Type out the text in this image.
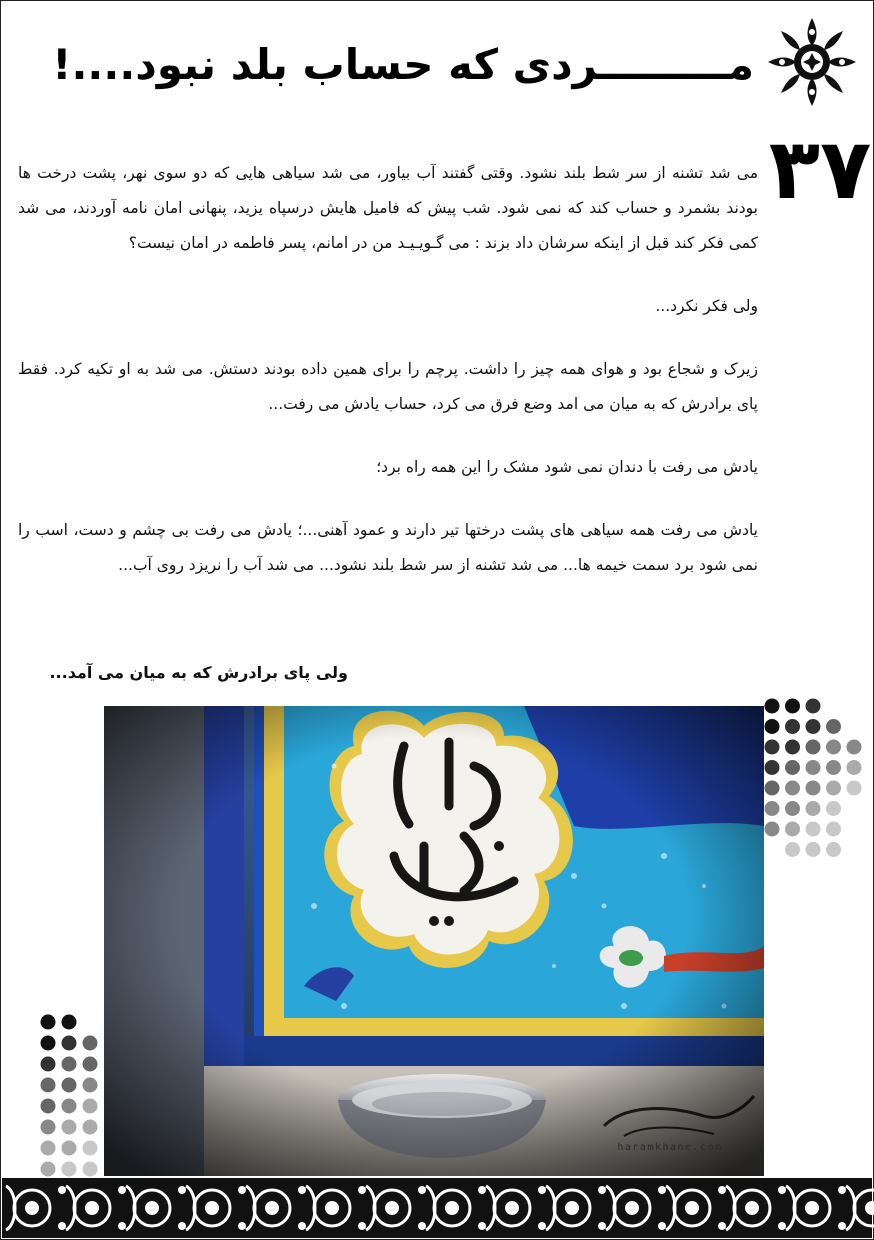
مـــــــــردی که حساب بلد نبود....!
۳۷

می شد تشنه از سر شط بلند نشود. وقتی گفتند آب بیاور، می شد سیاهی هایی که دو سوی نهر، پشت درخت ها بودند بشمرد و حساب کند که نمی شود. شب پیش که فامیل هایش درسپاه یزید، پنهانی امان نامه آوردند، می شد کمی فکر کند قبل از اینکه سرشان داد بزند : می گـویـیـد من در امانم، پسر فاطمه در امان نیست؟

ولی فکر نکرد...

زیرک و شجاع بود و هوای همه چیز را داشت. پرچم را برای همین داده بودند دستش. می شد به او تکیه کرد. فقط پای برادرش که به میان می امد وضع فرق می کرد، حساب یادش می رفت...

یادش می رفت با دندان نمی شود مشک را این همه راه برد؛

یادش می رفت همه سیاهی های پشت درختها تیر دارند و عمود آهنی...؛ یادش می رفت بی چشم و دست، اسب را نمی شود برد سمت خیمه ها... می شد تشنه از سر شط بلند نشود... می شد آب را نریزد روی آب...

ولی پای برادرش که به میان می آمد...
haramkhane.com
